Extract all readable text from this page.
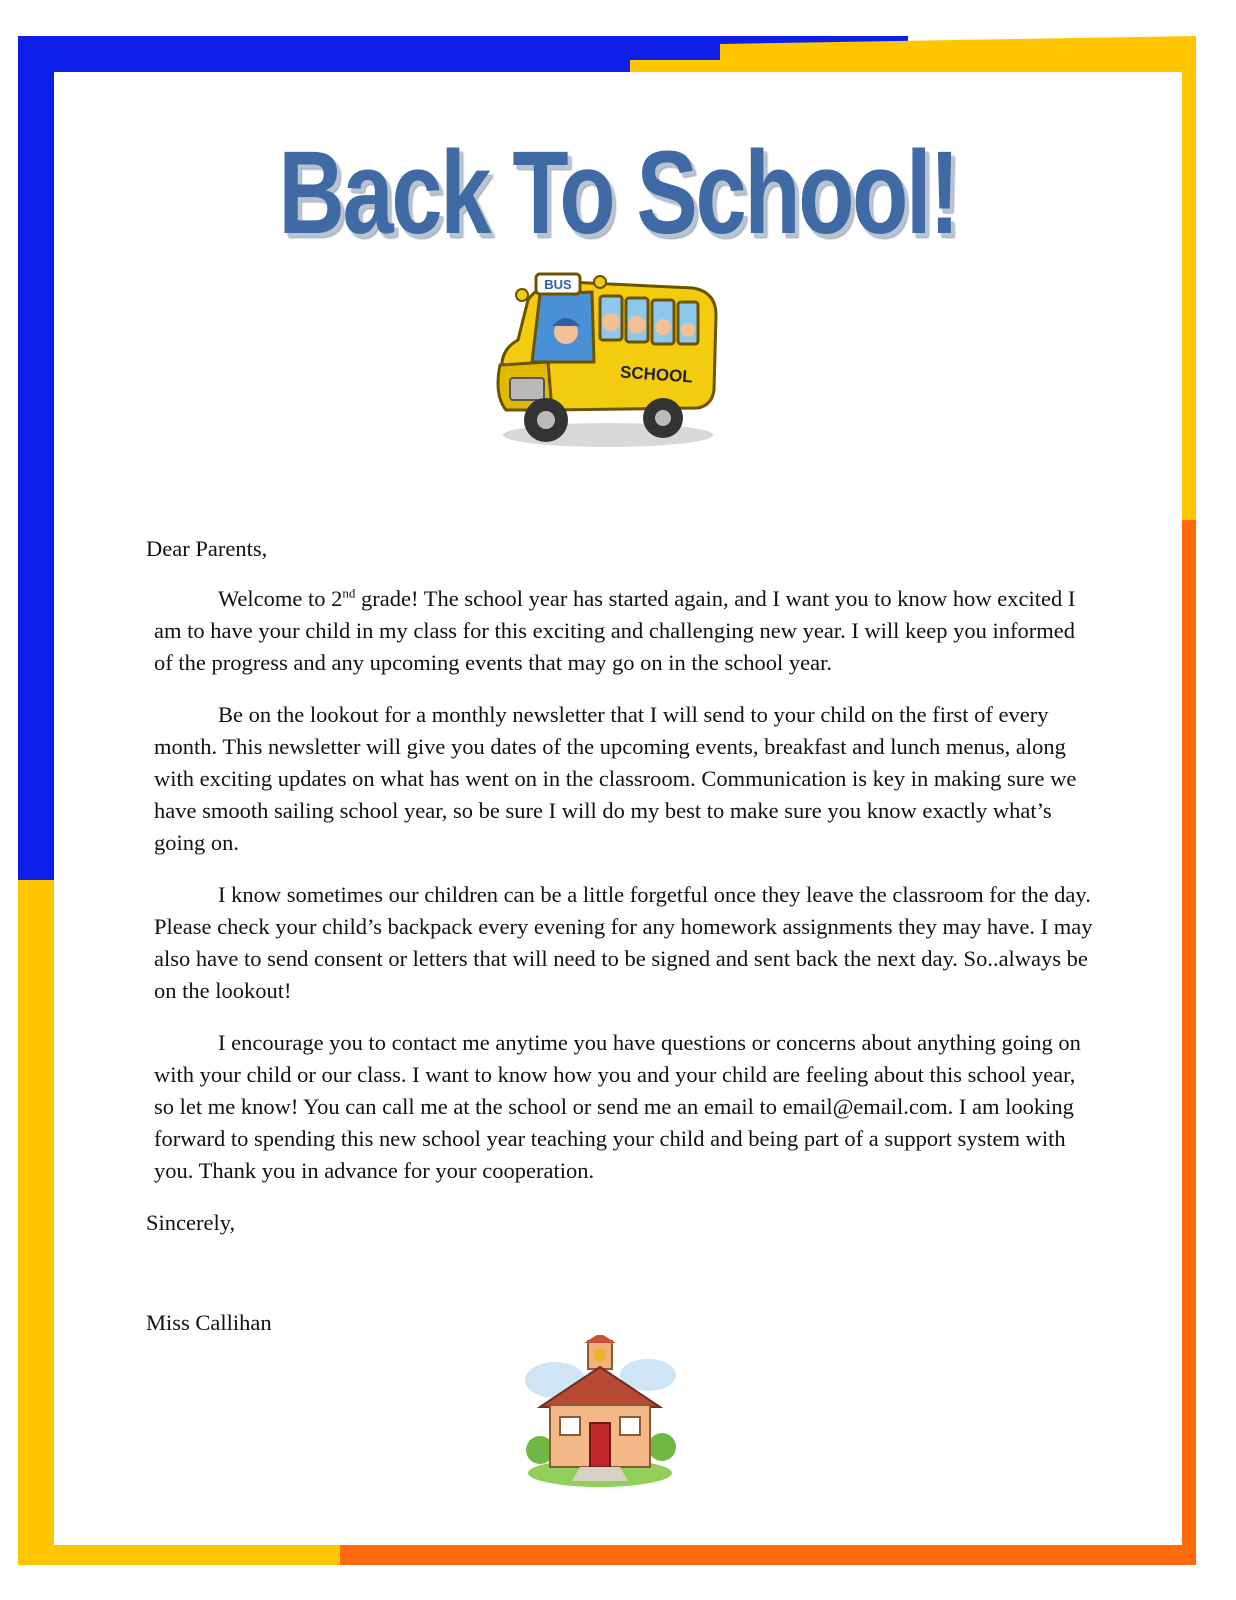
Back To School!
BUS
SCHOOL

Dear Parents,

Welcome to 2nd grade! The school year has started again, and I want you to know how excited I am to have your child in my class for this exciting and challenging new year. I will keep you informed of the progress and any upcoming events that may go on in the school year.

Be on the lookout for a monthly newsletter that I will send to your child on the first of every month. This newsletter will give you dates of the upcoming events, breakfast and lunch menus, along with exciting updates on what has went on in the classroom. Communication is key in making sure we have smooth sailing school year, so be sure I will do my best to make sure you know exactly what’s going on.

I know sometimes our children can be a little forgetful once they leave the classroom for the day. Please check your child’s backpack every evening for any homework assignments they may have. I may also have to send consent or letters that will need to be signed and sent back the next day. So..always be on the lookout!

I encourage you to contact me anytime you have questions or concerns about anything going on with your child or our class. I want to know how you and your child are feeling about this school year, so let me know! You can call me at the school or send me an email to email@email.com. I am looking forward to spending this new school year teaching your child and being part of a support system with you. Thank you in advance for your cooperation.

Sincerely,

Miss Callihan
